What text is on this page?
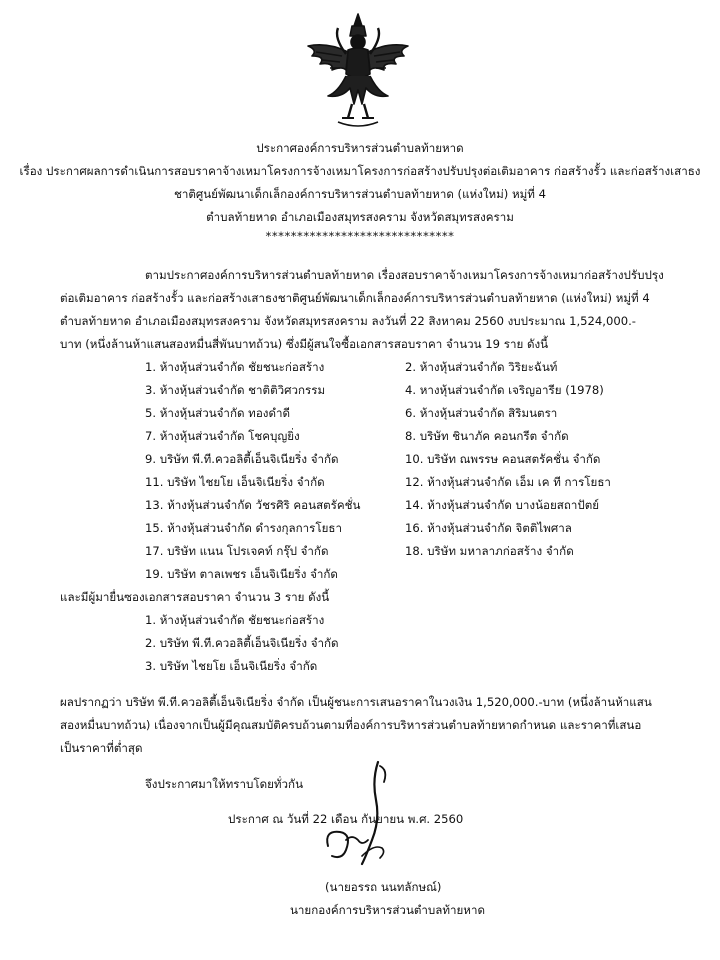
ประกาศองค์การบริหารส่วนตำบลท้ายหาด
เรื่อง ประกาศผลการดำเนินการสอบราคาจ้างเหมาโครงการจ้างเหมาโครงการก่อสร้างปรับปรุงต่อเติมอาคาร ก่อสร้างรั้ว และก่อสร้างเสาธง
ชาติศูนย์พัฒนาเด็กเล็กองค์การบริหารส่วนตำบลท้ายหาด (แห่งใหม่) หมู่ที่ 4
ตำบลท้ายหาด อำเภอเมืองสมุทรสงคราม จังหวัดสมุทรสงคราม
******************************
ตามประกาศองค์การบริหารส่วนตำบลท้ายหาด เรื่องสอบราคาจ้างเหมาโครงการจ้างเหมาก่อสร้างปรับปรุง
ต่อเติมอาคาร ก่อสร้างรั้ว และก่อสร้างเสาธงชาติศูนย์พัฒนาเด็กเล็กองค์การบริหารส่วนตำบลท้ายหาด (แห่งใหม่) หมู่ที่ 4
ตำบลท้ายหาด อำเภอเมืองสมุทรสงคราม จังหวัดสมุทรสงคราม ลงวันที่ 22 สิงหาคม 2560 งบประมาณ 1,524,000.-
บาท (หนึ่งล้านห้าแสนสองหมื่นสี่พันบาทถ้วน) ซึ่งมีผู้สนใจซื้อเอกสารสอบราคา จำนวน 19 ราย ดังนี้
1. ห้างหุ้นส่วนจำกัด ชัยชนะก่อสร้าง	2. ห้างหุ้นส่วนจำกัด วิริยะฉันท์
3. ห้างหุ้นส่วนจำกัด ชาติติวิศวกรรม	4. หางหุ้นส่วนจำกัด เจริญอารีย (1978)
5. ห้างหุ้นส่วนจำกัด ทองดำดี	6. ห้างหุ้นส่วนจำกัด สิริมนตรา
7. ห้างหุ้นส่วนจำกัด โชคบุญยิ่ง	8. บริษัท ชินาภัค คอนกรีต จำกัด
9. บริษัท พี.ที.ควอลิตี้เอ็นจิเนียริ่ง จำกัด	10. บริษัท ณพรรษ คอนสตรัคชั่น จำกัด
11. บริษัท ไชยโย เอ็นจิเนียริ่ง จำกัด	12. ห้างหุ้นส่วนจำกัด เอ็ม เค ที การโยธา
13. ห้างหุ้นส่วนจำกัด วัชรศิริ คอนสตรัคชั่น	14. ห้างหุ้นส่วนจำกัด บางน้อยสถาปัตย์
15. ห้างหุ้นส่วนจำกัด ดำรงกุลการโยธา	16. ห้างหุ้นส่วนจำกัด จิตติไพศาล
17. บริษัท แนน โปรเจคท์ กรุ๊ป จำกัด	18. บริษัท มหาลาภก่อสร้าง จำกัด
19. บริษัท ตาลเพชร เอ็นจิเนียริ่ง จำกัด
และมีผู้มายื่นซองเอกสารสอบราคา จำนวน 3 ราย ดังนี้
1. ห้างหุ้นส่วนจำกัด ชัยชนะก่อสร้าง
2. บริษัท พี.ที.ควอลิตี้เอ็นจิเนียริ่ง จำกัด
3. บริษัท ไชยโย เอ็นจิเนียริ่ง จำกัด
ผลปรากฏว่า บริษัท พี.ที.ควอลิตี้เอ็นจิเนียริ่ง จำกัด เป็นผู้ชนะการเสนอราคาในวงเงิน 1,520,000.-บาท (หนึ่งล้านห้าแสน
สองหมื่นบาทถ้วน) เนื่องจากเป็นผู้มีคุณสมบัติครบถ้วนตามที่องค์การบริหารส่วนตำบลท้ายหาดกำหนด และราคาที่เสนอ
เป็นราคาที่ต่ำสุด
จึงประกาศมาให้ทราบโดยทั่วกัน
ประกาศ ณ วันที่ 22 เดือน กันยายน พ.ศ. 2560
(นายอรรถ นนทลักษณ์)
นายกองค์การบริหารส่วนตำบลท้ายหาด
